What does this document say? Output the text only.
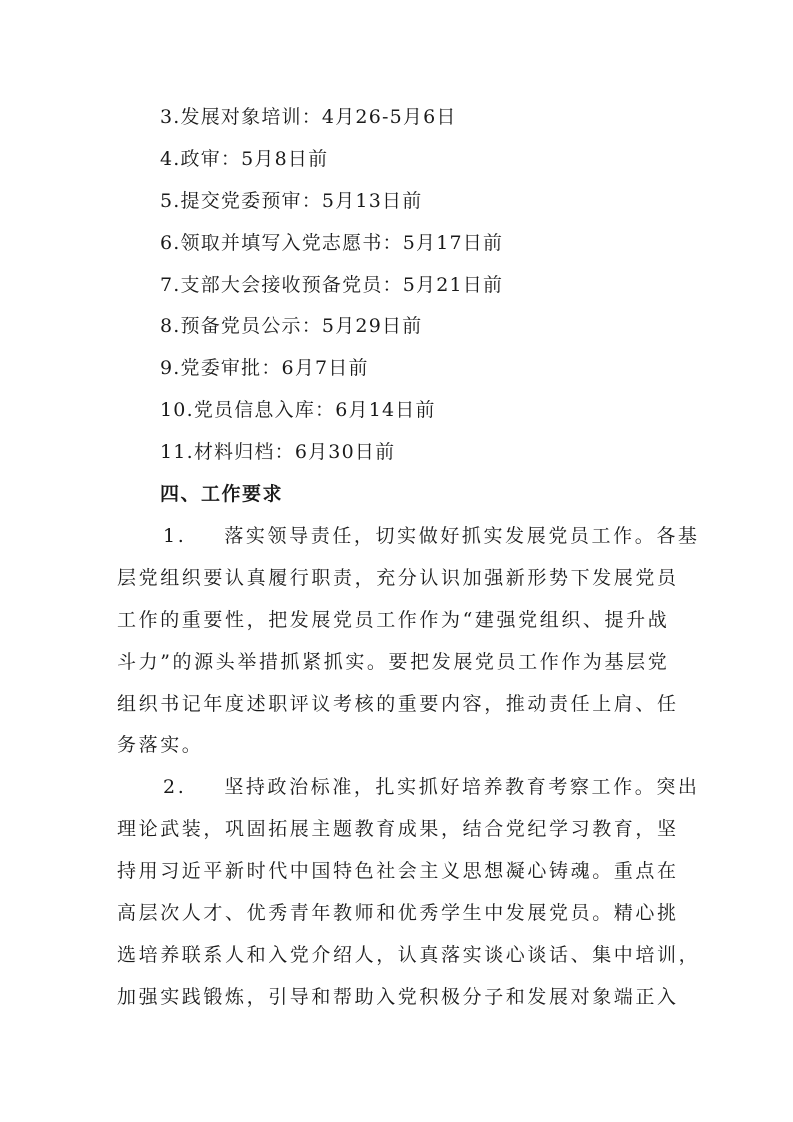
3.发展对象培训：4月26-5月6日
4.政审：5月8日前
5.提交党委预审：5月13日前
6.领取并填写入党志愿书：5月17日前
7.支部大会接收预备党员：5月21日前
8.预备党员公示：5月29日前
9.党委审批：6月7日前
10.党员信息入库：6月14日前
11.材料归档：6月30日前
四、工作要求
1. 落实领导责任，切实做好抓实发展党员工作。各基
层党组织要认真履行职责，充分认识加强新形势下发展党员
工作的重要性，把发展党员工作作为“建强党组织、提升战
斗力”的源头举措抓紧抓实。要把发展党员工作作为基层党
组织书记年度述职评议考核的重要内容，推动责任上肩、任
务落实。
2. 坚持政治标准，扎实抓好培养教育考察工作。突出
理论武装，巩固拓展主题教育成果，结合党纪学习教育，坚
持用习近平新时代中国特色社会主义思想凝心铸魂。重点在
高层次人才、优秀青年教师和优秀学生中发展党员。精心挑
选培养联系人和入党介绍人，认真落实谈心谈话、集中培训，
加强实践锻炼，引导和帮助入党积极分子和发展对象端正入
